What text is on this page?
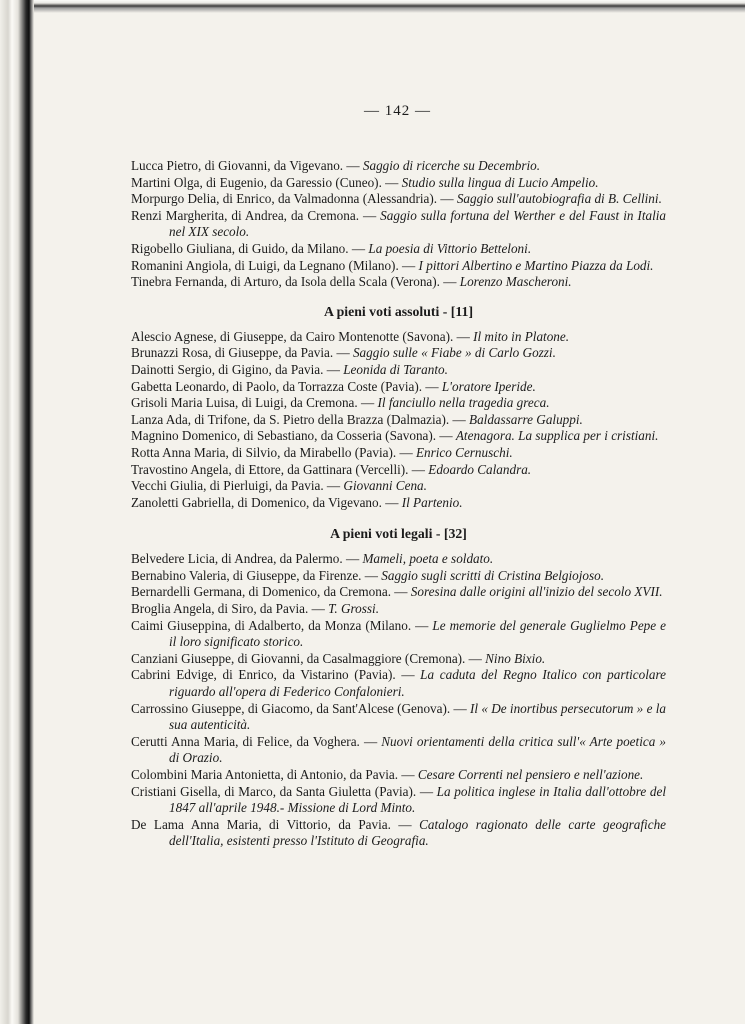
— 142 —

Lucca Pietro, di Giovanni, da Vigevano. — Saggio di ricerche su Decembrio.

Martini Olga, di Eugenio, da Garessio (Cuneo). — Studio sulla lingua di Lucio Ampelio.

Morpurgo Delia, di Enrico, da Valmadonna (Alessandria). — Saggio sull'autobiografia di B. Cellini.

Renzi Margherita, di Andrea, da Cremona. — Saggio sulla fortuna del Werther e del Faust in Italia nel XIX secolo.

Rigobello Giuliana, di Guido, da Milano. — La poesia di Vittorio Betteloni.

Romanini Angiola, di Luigi, da Legnano (Milano). — I pittori Albertino e Martino Piazza da Lodi.

Tinebra Fernanda, di Arturo, da Isola della Scala (Verona). — Lorenzo Mascheroni.

A pieni voti assoluti - [11]

Alescio Agnese, di Giuseppe, da Cairo Montenotte (Savona). — Il mito in Platone.

Brunazzi Rosa, di Giuseppe, da Pavia. — Saggio sulle « Fiabe » di Carlo Gozzi.

Dainotti Sergio, di Gigino, da Pavia. — Leonida di Taranto.

Gabetta Leonardo, di Paolo, da Torrazza Coste (Pavia). — L'oratore Iperide.

Grisoli Maria Luisa, di Luigi, da Cremona. — Il fanciullo nella tragedia greca.

Lanza Ada, di Trifone, da S. Pietro della Brazza (Dalmazia). — Baldassarre Galuppi.

Magnino Domenico, di Sebastiano, da Cosseria (Savona). — Atenagora. La supplica per i cristiani.

Rotta Anna Maria, di Silvio, da Mirabello (Pavia). — Enrico Cernuschi.

Travostino Angela, di Ettore, da Gattinara (Vercelli). — Edoardo Calandra.

Vecchi Giulia, di Pierluigi, da Pavia. — Giovanni Cena.

Zanoletti Gabriella, di Domenico, da Vigevano. — Il Partenio.

A pieni voti legali - [32]

Belvedere Licia, di Andrea, da Palermo. — Mameli, poeta e soldato.

Bernabino Valeria, di Giuseppe, da Firenze. — Saggio sugli scritti di Cristina Belgiojoso.

Bernardelli Germana, di Domenico, da Cremona. — Soresina dalle origini all'inizio del secolo XVII.

Broglia Angela, di Siro, da Pavia. — T. Grossi.

Caimi Giuseppina, di Adalberto, da Monza (Milano. — Le memorie del generale Guglielmo Pepe e il loro significato storico.

Canziani Giuseppe, di Giovanni, da Casalmaggiore (Cremona). — Nino Bixio.

Cabrini Edvige, di Enrico, da Vistarino (Pavia). — La caduta del Regno Italico con particolare riguardo all'opera di Federico Confalonieri.

Carrossino Giuseppe, di Giacomo, da Sant'Alcese (Genova). — Il « De inortibus persecutorum » e la sua autenticità.

Cerutti Anna Maria, di Felice, da Voghera. — Nuovi orientamenti della critica sull'« Arte poetica » di Orazio.

Colombini Maria Antonietta, di Antonio, da Pavia. — Cesare Correnti nel pensiero e nell'azione.

Cristiani Gisella, di Marco, da Santa Giuletta (Pavia). — La politica inglese in Italia dall'ottobre del 1847 all'aprile 1948.- Missione di Lord Minto.

De Lama Anna Maria, di Vittorio, da Pavia. — Catalogo ragionato delle carte geografiche dell'Italia, esistenti presso l'Istituto di Geografia.
